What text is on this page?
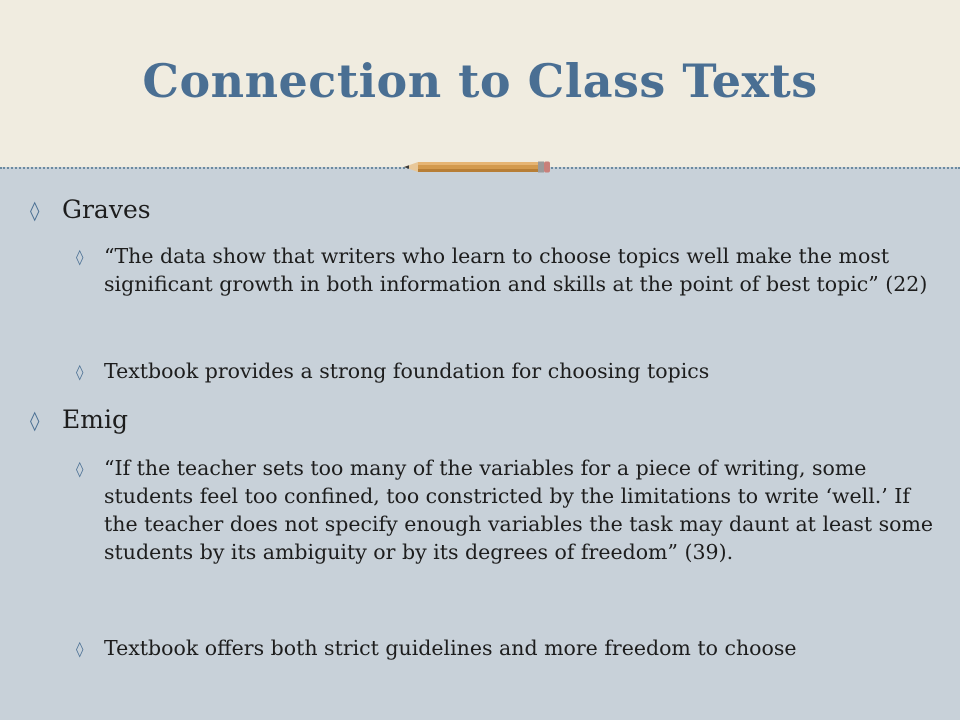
Connection to Class Texts
◊ Graves
◊ “The data show that writers who learn to choose topics well make the most significant growth in both information and skills at the point of best topic” (22)
◊ Textbook provides a strong foundation for choosing topics
◊ Emig
◊ “If the teacher sets too many of the variables for a piece of writing, some students feel too confined, too constricted by the limitations to write ‘well.’ If the teacher does not specify enough variables the task may daunt at least some students by its ambiguity or by its degrees of freedom” (39).
◊ Textbook offers both strict guidelines and more freedom to choose
